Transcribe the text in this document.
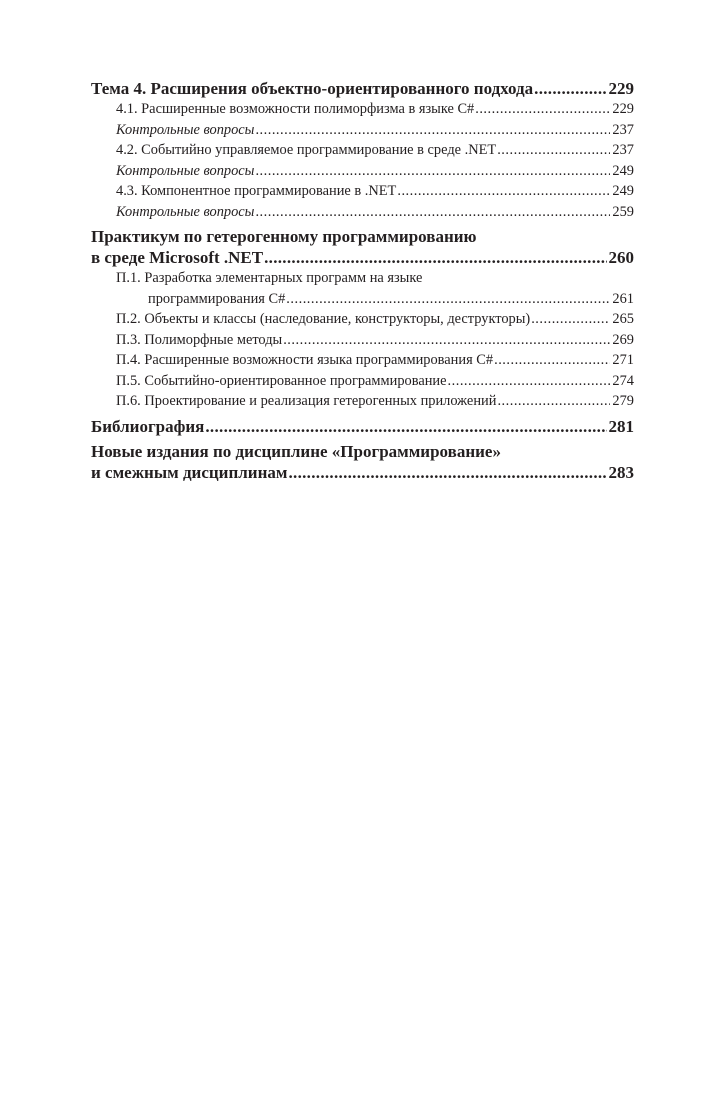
Тема 4. Расширения объектно-ориентированного подхода .....	229
4.1. Расширенные возможности полиморфизма в языке C# .....	229
Контрольные вопросы .....	237
4.2. Событийно управляемое программирование в среде .NET .....	237
Контрольные вопросы .....	249
4.3. Компонентное программирование в .NET .....	249
Контрольные вопросы .....	259
Практикум по гетерогенному программированию
в среде Microsoft .NET .....	260
П.1. Разработка элементарных программ на языке
программирования C# .....	261
П.2. Объекты и классы (наследование, конструкторы, деструкторы) .....	265
П.3. Полиморфные методы .....	269
П.4. Расширенные возможности языка программирования C# .....	271
П.5. Событийно-ориентированное программирование .....	274
П.6. Проектирование и реализация гетерогенных приложений .....	279
Библиография .....	281
Новые издания по дисциплине «Программирование»
и смежным дисциплинам .....	283
